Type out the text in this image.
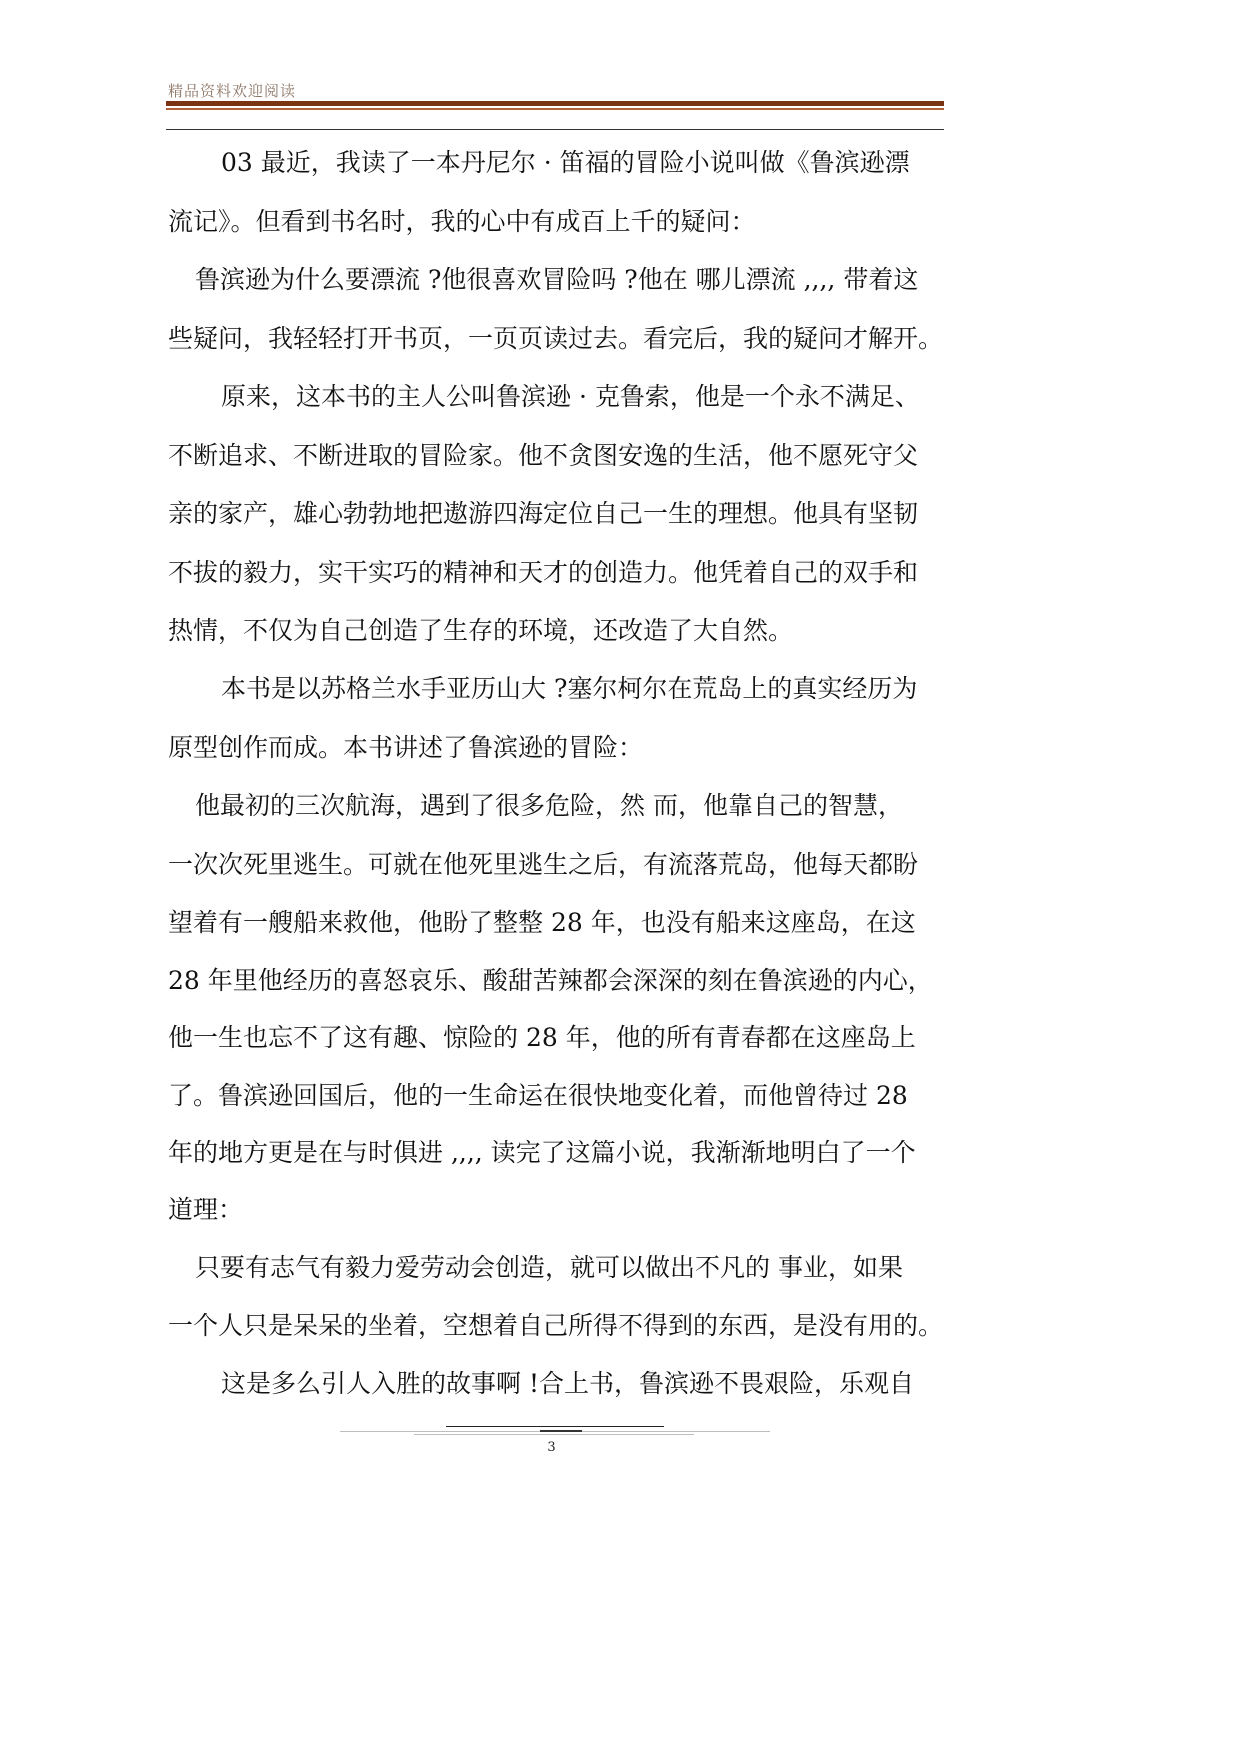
精品资料欢迎阅读
03 最近，我读了一本丹尼尔 · 笛福的冒险小说叫做《鲁滨逊漂
流记》。但看到书名时，我的心中有成百上千的疑问：
鲁滨逊为什么要漂流 ?他很喜欢冒险吗 ?他在 哪儿漂流 ,,,, 带着这
些疑问，我轻轻打开书页，一页页读过去。看完后，我的疑问才解开。
原来，这本书的主人公叫鲁滨逊 · 克鲁索，他是一个永不满足、
不断追求、不断进取的冒险家。他不贪图安逸的生活，他不愿死守父
亲的家产，雄心勃勃地把遨游四海定位自己一生的理想。他具有坚韧
不拔的毅力，实干实巧的精神和天才的创造力。他凭着自己的双手和
热情，不仅为自己创造了生存的环境，还改造了大自然。
本书是以苏格兰水手亚历山大 ?塞尔柯尔在荒岛上的真实经历为
原型创作而成。本书讲述了鲁滨逊的冒险：
他最初的三次航海，遇到了很多危险，然 而，他靠自己的智慧，
一次次死里逃生。可就在他死里逃生之后，有流落荒岛，他每天都盼
望着有一艘船来救他，他盼了整整 28 年，也没有船来这座岛，在这
28 年里他经历的喜怒哀乐、酸甜苦辣都会深深的刻在鲁滨逊的内心，
他一生也忘不了这有趣、惊险的 28 年，他的所有青春都在这座岛上
了。鲁滨逊回国后，他的一生命运在很快地变化着，而他曾待过 28
年的地方更是在与时俱进 ,,,, 读完了这篇小说，我渐渐地明白了一个
道理：
只要有志气有毅力爱劳动会创造，就可以做出不凡的 事业，如果
一个人只是呆呆的坐着，空想着自己所得不得到的东西，是没有用的。
这是多么引人入胜的故事啊 !合上书，鲁滨逊不畏艰险，乐观自
3
